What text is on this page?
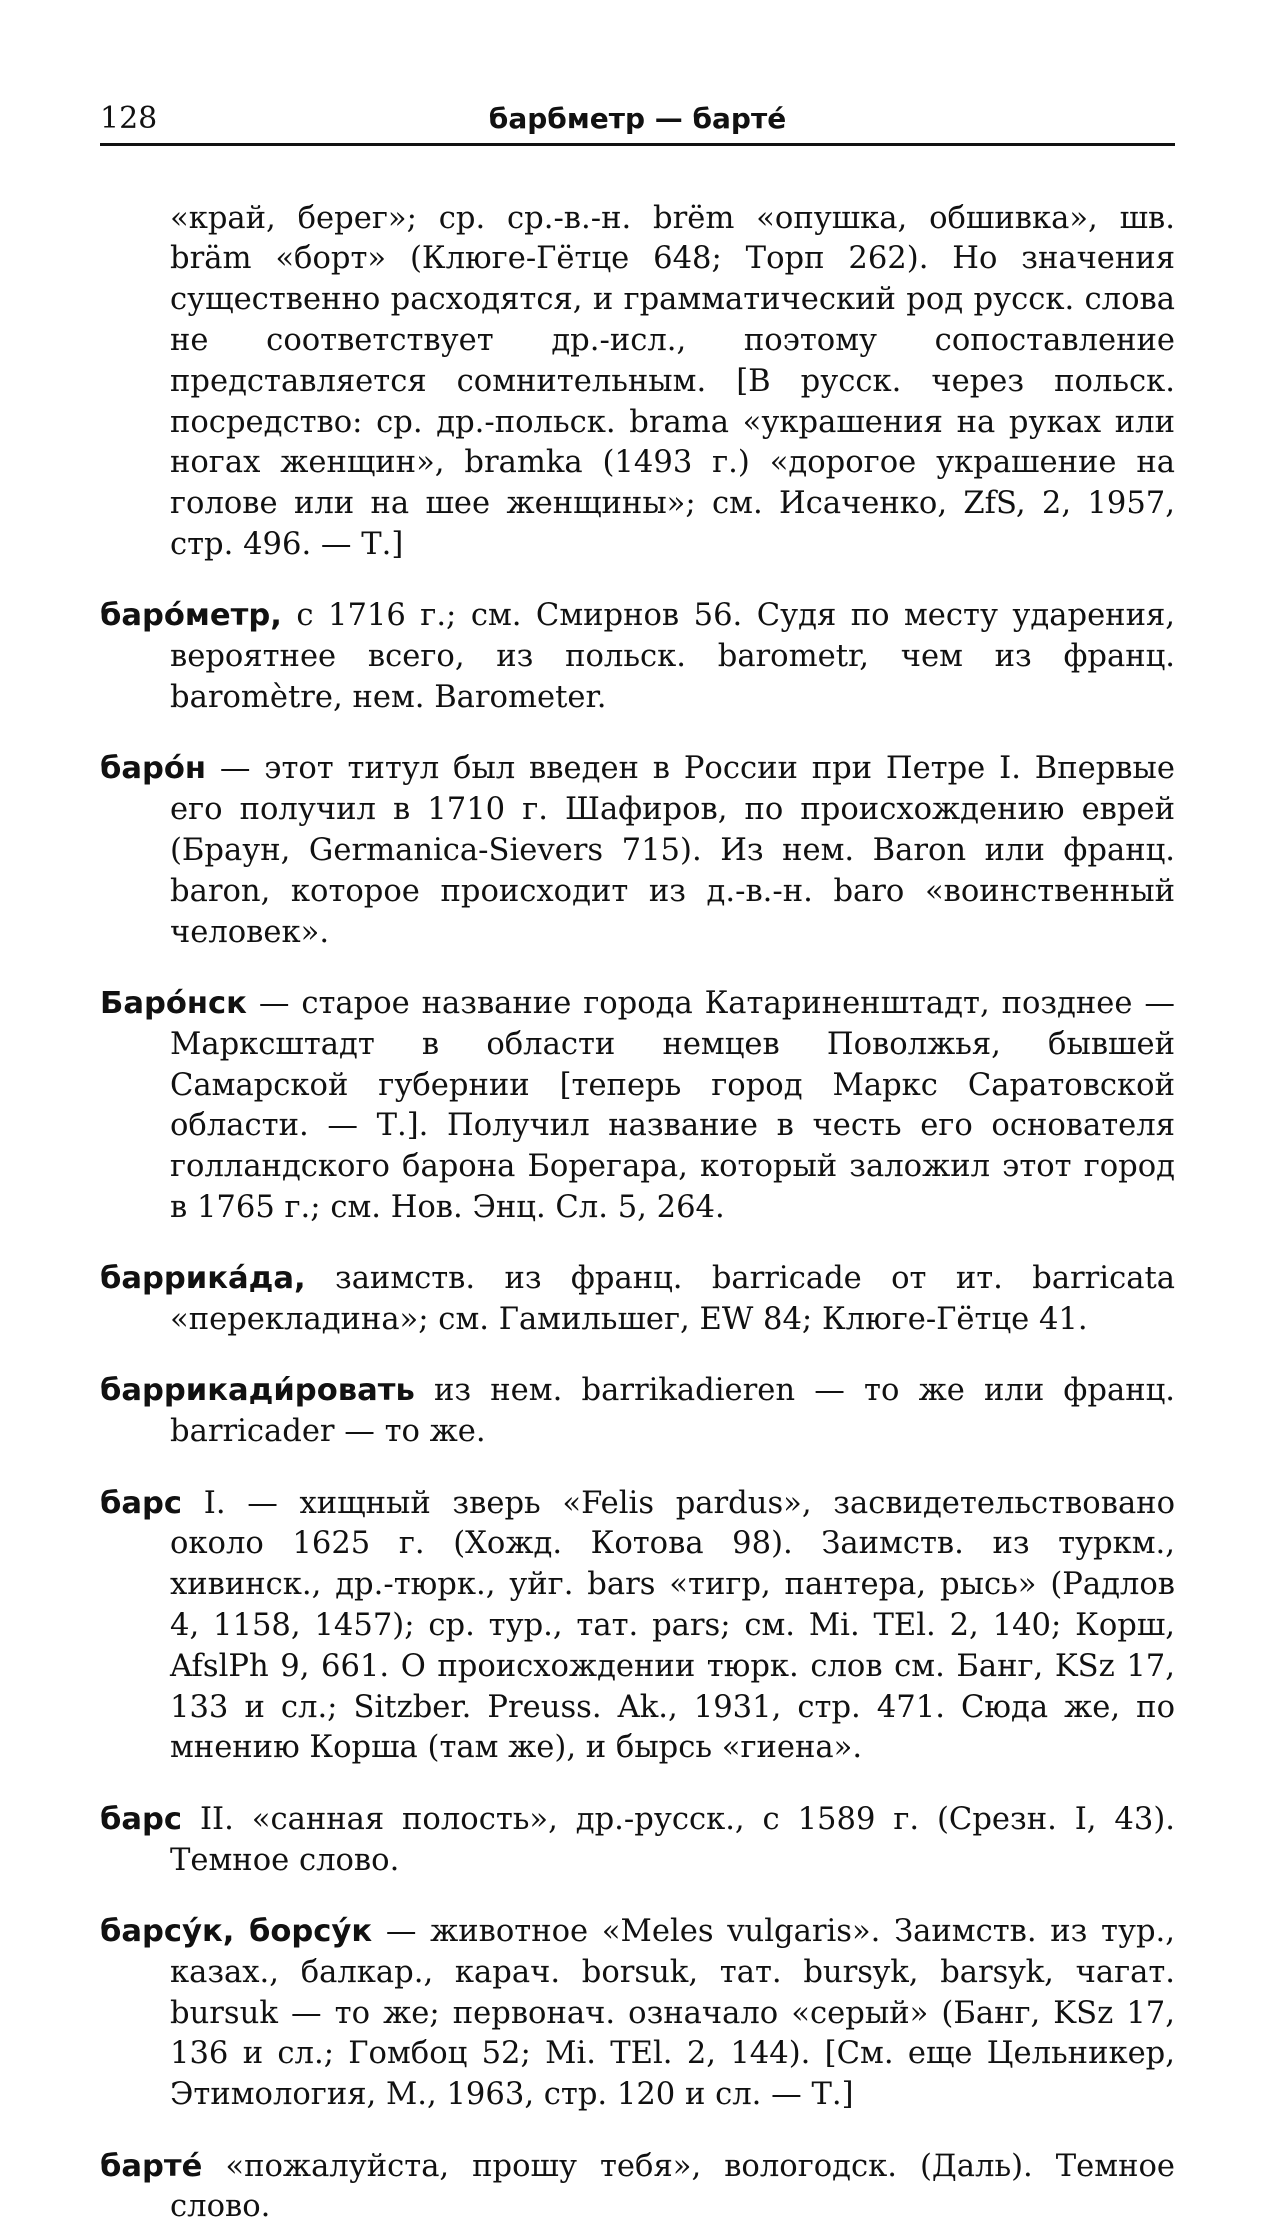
128	барбметр — бартé

«край, берег»; ср. ср.-в.-н. brëm «опушка, обшивка», шв. bräm «борт» (Клюге-Гётце 648; Торп 262). Но значения существенно расходятся, и грамматический род русск. слова не соответствует др.-исл., поэтому сопоставление представляется сомнительным. [В русск. через польск. посредство: ср. др.-польск. brama «украшения на руках или ногах женщин», bramka (1493 г.) «дорогое украшение на голове или на шее женщины»; см. Исаченко, ZfS, 2, 1957, стр. 496. — Т.]

барóметр, с 1716 г.; см. Смирнов 56. Судя по месту ударения, вероятнее всего, из польск. barometr, чем из франц. baromètre, нем. Barometer.

барóн — этот титул был введен в России при Петре I. Впервые его получил в 1710 г. Шафиров, по происхождению еврей (Браун, Germanica-Sievers 715). Из нем. Baron или франц. baron, которое происходит из д.-в.-н. baro «воинственный человек».

Барóнск — старое название города Катариненштадт, позднее — Марксштадт в области немцев Поволжья, бывшей Самарской губернии [теперь город Маркс Саратовской области. — Т.]. Получил название в честь его основателя голландского барона Борегара, который заложил этот город в 1765 г.; см. Нов. Энц. Сл. 5, 264.

баррикáда, заимств. из франц. barricade от ит. barricata «перекладина»; см. Гамильшег, EW 84; Клюге-Гётце 41.

баррикади́ровать из нем. barrikadieren — то же или франц. barricader — то же.

барс I. — хищный зверь «Felis pardus», засвидетельствовано около 1625 г. (Хожд. Котова 98). Заимств. из туркм., хивинск., др.-тюрк., уйг. bars «тигр, пантера, рысь» (Радлов 4, 1158, 1457); ср. тур., тат. pars; см. Mi. TEl. 2, 140; Корш, AfslPh 9, 661. О происхождении тюрк. слов см. Банг, KSz 17, 133 и сл.; Sitzber. Preuss. Ak., 1931, стр. 471. Сюда же, по мнению Корша (там же), и бырсь «гиена».

барс II. «санная полость», др.-русск., с 1589 г. (Срезн. I, 43). Темное слово.

барсýк, борсýк — животное «Meles vulgaris». Заимств. из тур., казах., балкар., карач. borsuk, тат. bursyk, barsyk, чагат. bursuk — то же; первонач. означало «серый» (Банг, KSz 17, 136 и сл.; Гомбоц 52; Mi. TEl. 2, 144). [См. еще Цельникер, Этимология, М., 1963, стр. 120 и сл. — Т.]

бартé «пожалуйста, прошу тебя», вологодск. (Даль). Темное слово.
